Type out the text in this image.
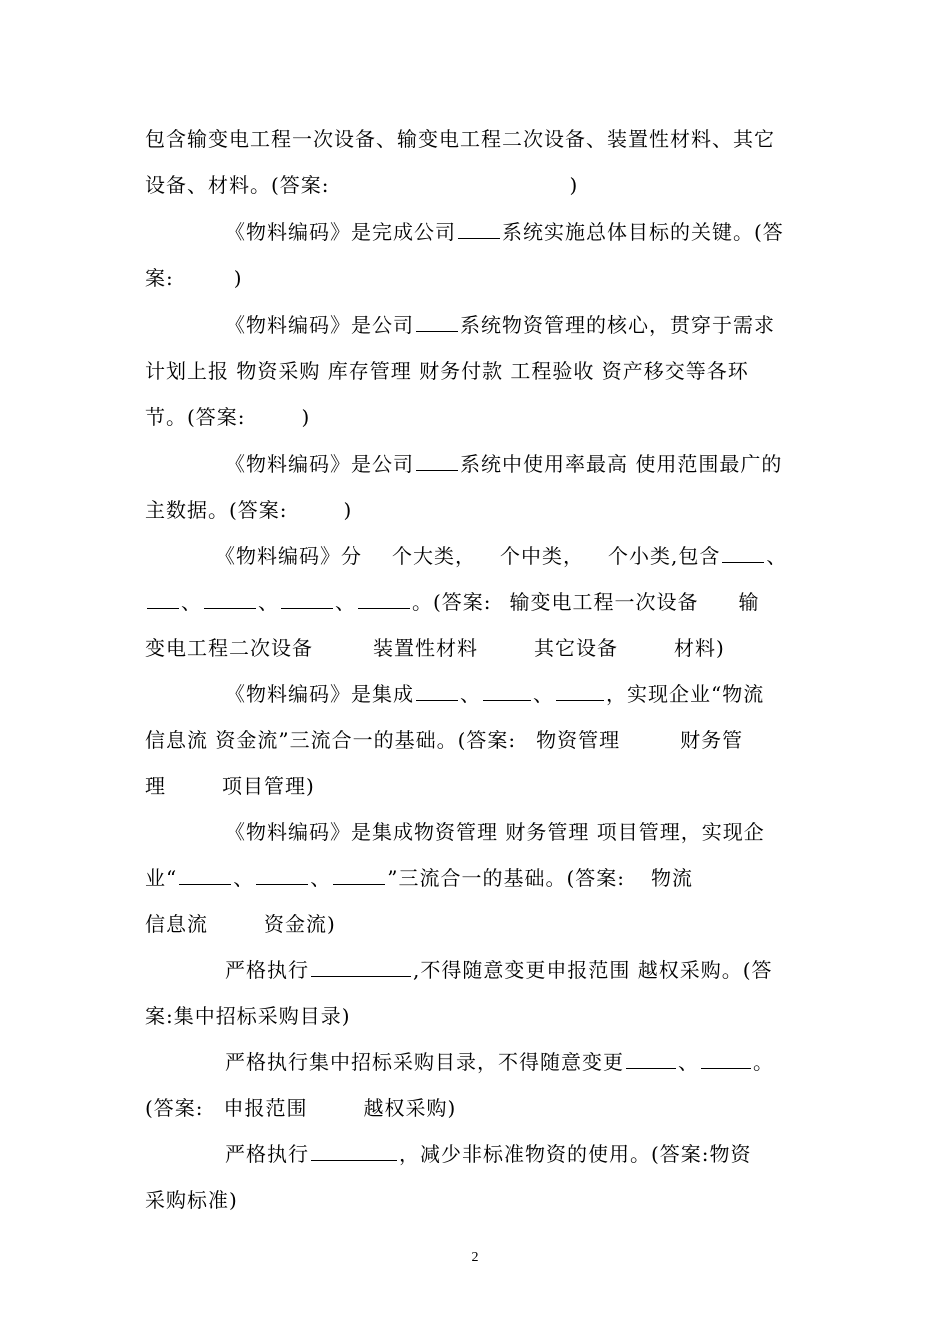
包含输变电工程一次设备、输变电工程二次设备、装置性材料、其它
设备、材料。(答案:	)
《物料编码》是完成公司 系统实施总体目标的关键。(答
案:	)
《物料编码》是公司 系统物资管理的核心，贯穿于需求
计划上报 物资采购 库存管理 财务付款 工程验收 资产移交等各环
节。(答案:	)
《物料编码》是公司 系统中使用率最高 使用范围最广的
主数据。(答案:	)
《物料编码》分 个大类， 个中类， 个小类,包含 、
、	、	、	。(答案: 输变电工程一次设备 输
变电工程二次设备	装置性材料	其它设备	材料)
《物料编码》是集成 、	、	，实现企业“物流
信息流 资金流”三流合一的基础。(答案: 物资管理	财务管
理	项目管理)
《物料编码》是集成物资管理 财务管理 项目管理，实现企
业“	、	、	”三流合一的基础。(答案: 物流
信息流	资金流)
严格执行	,不得随意变更申报范围 越权采购。(答
案:集中招标采购目录)
严格执行集中招标采购目录，不得随意变更	、	。
(答案: 申报范围	越权采购)
严格执行	，减少非标准物资的使用。(答案:物资
采购标准)
2
